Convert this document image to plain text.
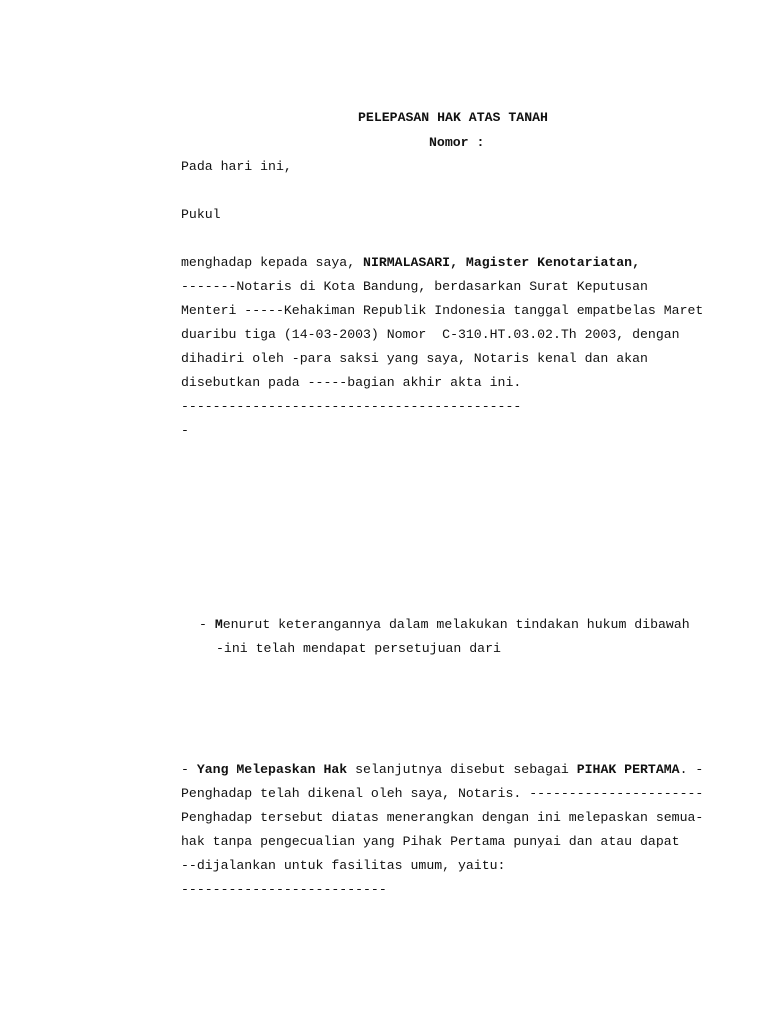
PELEPASAN HAK ATAS TANAH
Nomor :
Pada hari ini,
Pukul
menghadap kepada saya, NIRMALASARI, Magister Kenotariatan,
-------Notaris di Kota Bandung, berdasarkan Surat Keputusan
Menteri -----Kehakiman Republik Indonesia tanggal empatbelas Maret
duaribu tiga (14-03-2003) Nomor  C-310.HT.03.02.Th 2003, dengan
dihadiri oleh -para saksi yang saya, Notaris kenal dan akan
disebutkan pada -----bagian akhir akta ini.
-------------------------------------------
-
- Menurut keterangannya dalam melakukan tindakan hukum dibawah
-ini telah mendapat persetujuan dari
- Yang Melepaskan Hak selanjutnya disebut sebagai PIHAK PERTAMA. -
Penghadap telah dikenal oleh saya, Notaris. ----------------------
Penghadap tersebut diatas menerangkan dengan ini melepaskan semua-
hak tanpa pengecualian yang Pihak Pertama punyai dan atau dapat
--dijalankan untuk fasilitas umum, yaitu:
--------------------------
